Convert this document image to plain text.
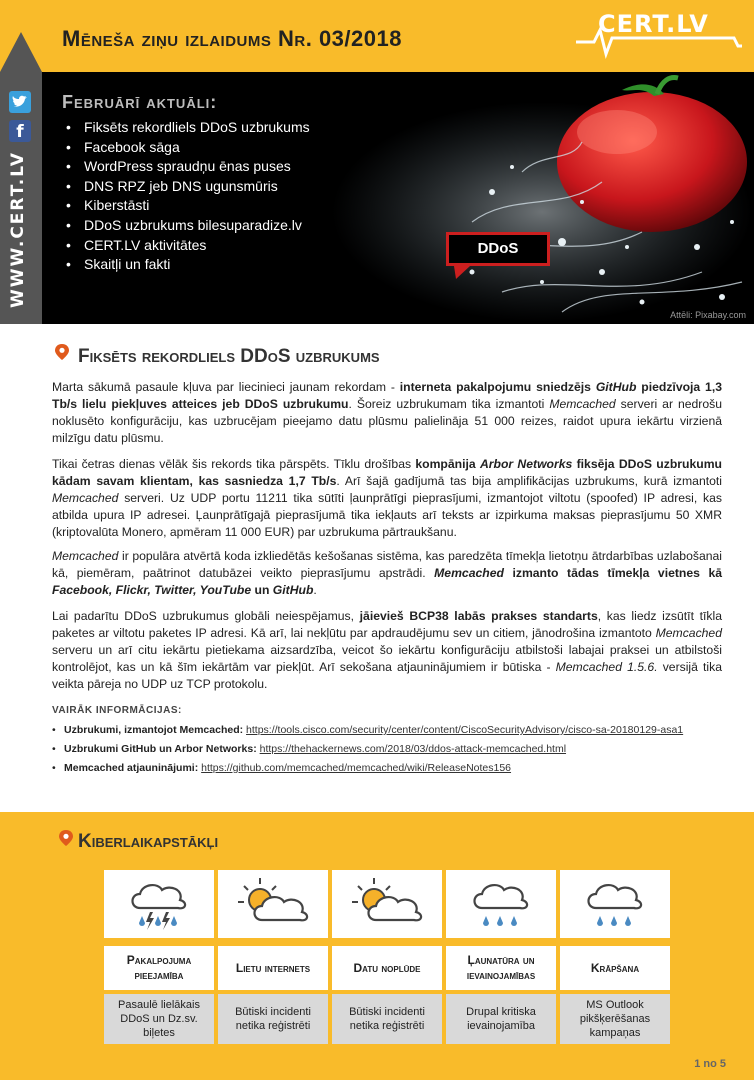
Mēneša ziņu izlaidums Nr. 03/2018
CERT.LV
f
WWW.CERT.LV
Februārī aktuāli:
• Fiksēts rekordliels DDoS uzbrukums
• Facebook sāga
• WordPress spraudņu ēnas puses
• DNS RPZ jeb DNS ugunsmūris
• Kiberstāsti
• DDoS uzbrukums bilesuparadize.lv
• CERT.LV aktivitātes
• Skaitļi un fakti
DDoS
Attēli: Pixabay.com
Fiksēts rekordliels DDoS uzbrukums
Marta sākumā pasaule kļuva par liecinieci jaunam rekordam - interneta pakalpojumu sniedzējs GitHub piedzīvoja 1,3 Tb/s lielu piekļuves atteices jeb DDoS uzbrukumu. Šoreiz uzbrukumam tika izmantoti Memcached serveri ar nedrošu noklusēto konfigurāciju, kas uzbrucējam pieejamo datu plūsmu palielināja 51 000 reizes, raidot upura iekārtu virzienā milzīgu datu plūsmu.
Tikai četras dienas vēlāk šis rekords tika pārspēts. Tīklu drošības kompānija Arbor Networks fiksēja DDoS uzbrukumu kādam savam klientam, kas sasniedza 1,7 Tb/s. Arī šajā gadījumā tas bija amplifikācijas uzbrukums, kurā izmantoti Memcached serveri. Uz UDP portu 11211 tika sūtīti ļaunprātīgi pieprasījumi, izmantojot viltotu (spoofed) IP adresi, kas atbilda upura IP adresei. Ļaunprātīgajā pieprasījumā tika iekļauts arī teksts ar izpirkuma maksas pieprasījumu 50 XMR (kriptovalūta Monero, apmēram 11 000 EUR) par uzbrukuma pārtraukšanu.
Memcached ir populāra atvērtā koda izkliedētās kešošanas sistēma, kas paredzēta tīmekļa lietotņu ātrdarbības uzlabošanai kā, piemēram, paātrinot datubāzei veikto pieprasījumu apstrādi. Memcached izmanto tādas tīmekļa vietnes kā Facebook, Flickr, Twitter, YouTube un GitHub.
Lai padarītu DDoS uzbrukumus globāli neiespējamus, jāievieš BCP38 labās prakses standarts, kas liedz izsūtīt tīkla paketes ar viltotu paketes IP adresi. Kā arī, lai nekļūtu par apdraudējumu sev un citiem, jānodrošina izmantoto Memcached serveru un arī citu iekārtu pietiekama aizsardzība, veicot šo iekārtu konfigurāciju atbilstoši labajai praksei un atbilstoši kontrolējot, kas un kā šīm iekārtām var piekļūt. Arī sekošana atjauninājumiem ir būtiska - Memcached 1.5.6. versijā tika veikta pāreja no UDP uz TCP protokolu.
VAIRĀK INFORMĀCIJAS:
• Uzbrukumi, izmantojot Memcached: https://tools.cisco.com/security/center/content/CiscoSecurityAdvisory/cisco-sa-20180129-asa1
• Uzbrukumi GitHub un Arbor Networks: https://thehackernews.com/2018/03/ddos-attack-memcached.html
• Memcached atjauninājumi: https://github.com/memcached/memcached/wiki/ReleaseNotes156
Kiberlaikapstākļi
Pakalpojuma pieejamība
Pasaulē lielākais DDoS un Dz.sv. biļetes
Lietu internets
Būtiski incidenti netika reģistrēti
Datu noplūde
Būtiski incidenti netika reģistrēti
Ļaunatūra un ievainojamības
Drupal kritiska ievainojamība
Krāpšana
MS Outlook pikšķerēšanas kampaņas
1 no 5
